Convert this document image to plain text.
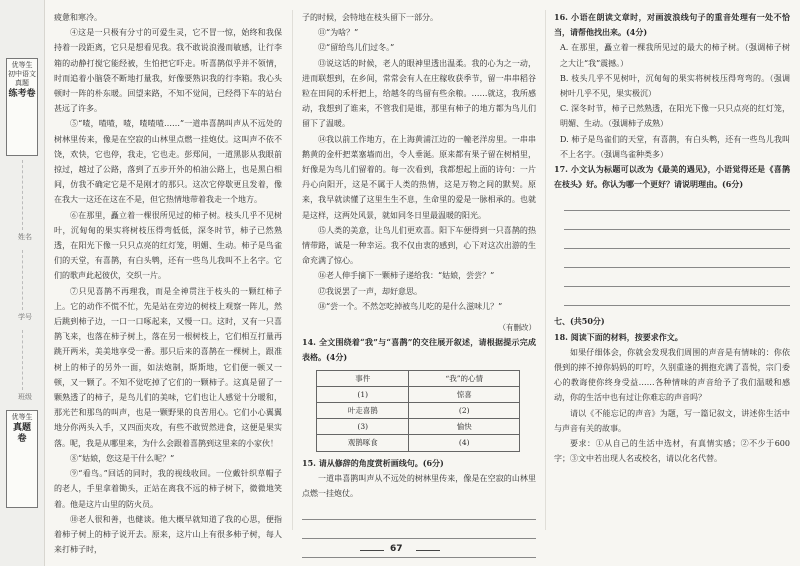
优等生
初中语文真题
练考卷
姓名
学号
班级
优等生

真题
卷

疲惫和寒冷。

④这是一只极有分寸的可爱生灵，它不冒一惊，始终和我保持着一段距离，它只是想看见我。我不敢说浪漫而敏感，让行李箱的动静打搅它能经被，生怕把它吓走。听喜鹊似乎并不领情，时而追着小脑袋不断地打量我，好像要熟识我的行李箱。我心头顿时一阵的朴东暖。回望来路，不知不觉间，已经得下车的站台甚远了许多。

⑤“喳，喳喳，喳，喳喳喳……”一道串喜鹊叫声从不远处的树林里传来，像是在空寂的山林里点燃一挂炮仗。这叫声不依不饶，欢快，它也停，我走，它也走。彭郑间，一道黑影从我眼前掠过，越过了公路，落到了五步开外的柏油公路上，也是黑白相间，仿我不确定它是不是刚才的那只。这次它停歇更且发着，像在我大一这还在这在不是，但它热情地带着我走一个地方。

⑥在那里，矗立着一棵很所见过的柿子树。枝头几乎不见树叶，沉甸甸的果实将树枝压得弯低低，深冬时节，柿子已然熟透，在阳光下像一只只点亮的红灯笼，明媚、生动。柿子是鸟雀们的天堂，有喜鹊，有白头鹎，还有一些鸟儿我叫不上名字。它们的歌声此起彼伏，交织一片。

⑦只见喜鹊不再理我，而是全神贯注于枝头的一颗红柿子上。它的动作不慌不忙，先是站在旁边的树枝上观察一阵儿，然后跳到柿子边，一口一口啄起来，又慢一口。这时，又有一只喜鹊飞来，也落在柿子树上，落在另一根树枝上，它们相互打量再跳开两米，美美地享受一番。那只后来的喜鹊在一棵树上，跟准树上的柿子的另外一面，如法炮制，斯斯地，它们便一顿又一顿，又一颗了。不知不觉吃掉了它们的一颗柿子。这真是留了一颗熟透了的柿子，是鸟儿们的美味，它们也让人感觉十分暖和，那光芒和那鸟的叫声，也是一颗野果的良苦用心。它们小心翼翼地分你两头入手，又四面夹攻，有些不敢贸然进食，这便是果实落。呢，我是从哪里来，为什么会跟着喜鹊到这里来的小家伙！

⑧“姑娘，您这是干什么呢？”

⑨“看鸟。”回话的同时，我的视线收回。一位戴针织草帽子的老人，手里拿着锄头，正站在离我不远的柿子树下，微微地笑着。他是这片山里的防火员。

⑩老人很和善，也健谈。他大概早就知道了我的心思，便指着柿子树上的柿子说开去。原来，这片山上有很多柿子树，每人来打柿子时，

子的时候，会特地在枝头留下一部分。

⑪“为啥？”

⑫“留给鸟儿们过冬。”

⑬说这话的时候，老人的眼神里透出温柔。我的心为之一动，进而联想到，在乡间，常常会有人在庄稼收获季节，留一串串稻谷粒在田间的禾杆把上，给越冬的鸟留有些余粮。……就这，我所感动，我想到了谁来，不管我们是谁，那里有柿子的地方都为鸟儿们留下了温暖。

⑭我以前工作地方，在上海黄浦江边的一幢老洋房里。一串串鹅黄的金杆把菜塞墙而出，令人垂涎。原来都有果子留在树梢里，好像是为鸟儿们留着的。每一次看到，我都想起上面的诗句：一片丹心向阳开，这是不属于人类的热情，这是万物之间的默契。原来，我早就读懂了这里生生不息，生命里的爱是一脉相承的。也就是这样，这两处风景，就如同冬日里最温暖的阳光。

⑮人类的美意，让鸟儿们更欢喜。阳下车便得到一只喜鹊的热情带路，诚是一种幸运。我不仅由衷的感到，心下对这次出游的生命充满了惊心。

⑯老人伸手摘下一颗柿子递给我：“姑娘，尝尝？”

⑰我说罢了一声，却好意思。

⑱“尝一个。不然怎吃掉被鸟儿吃的是什么滋味儿？”

（有删改）

14. 全文围绕着“我”与“喜鹊”的交往展开叙述，请根据提示完成表格。(4分)

事件	“我”的心情
(1)	惊喜
叶走喜鹊	(2)
(3)	愉快
观鹊啄食	(4)

15. 请从修辞的角度赏析画线句。(6分)

一道串喜鹊叫声从不远处的树林里传来，像是在空寂的山林里点燃一挂炮仗。

16. 小语在朗读文章时，对画波浪线句子的重音处理有一处不恰当，请帮他找出来。(4分)

A. 在那里，矗立着一棵我所见过的最大的柿子树。（强调柿子树之大让“我”震撼。）

B. 枝头几乎不见树叶，沉甸甸的果实将树枝压得弯弯的。（强调树叶几乎不见，果实极沉）

C. 深冬时节，柿子已然熟透，在阳光下像一只只点亮的红灯笼，明媚、生动。（强调柿子成熟）

D. 柿子是鸟雀们的天堂，有喜鹊，有白头鹎，还有一些鸟儿我叫不上名字。（强调鸟雀种类多）

17. 小文认为标题可以改为《最美的遇见》，小语觉得还是《喜鹊在枝头》好。你认为哪一个更好？请说明理由。(6分)

七、(共50分)

18. 阅读下面的材料，按要求作文。

如果仔细体会，你就会发现我们周围的声音是有情味的：你依偎到的摔不掉你妈妈的叮咛，久别重逢的拥抱充满了喜悦，宗门委心的教诲使你终身受益……各种情味的声音给予了我们温暖和感动，你的生活中也有过让你难忘的声音吗？

请以《不能忘记的声音》为题，写一篇记叙文，讲述你生活中与声音有关的故事。

要求：①从自己的生活中选材，有真情实感；②不少于600字；③文中若出现人名或校名，请以化名代替。

67
